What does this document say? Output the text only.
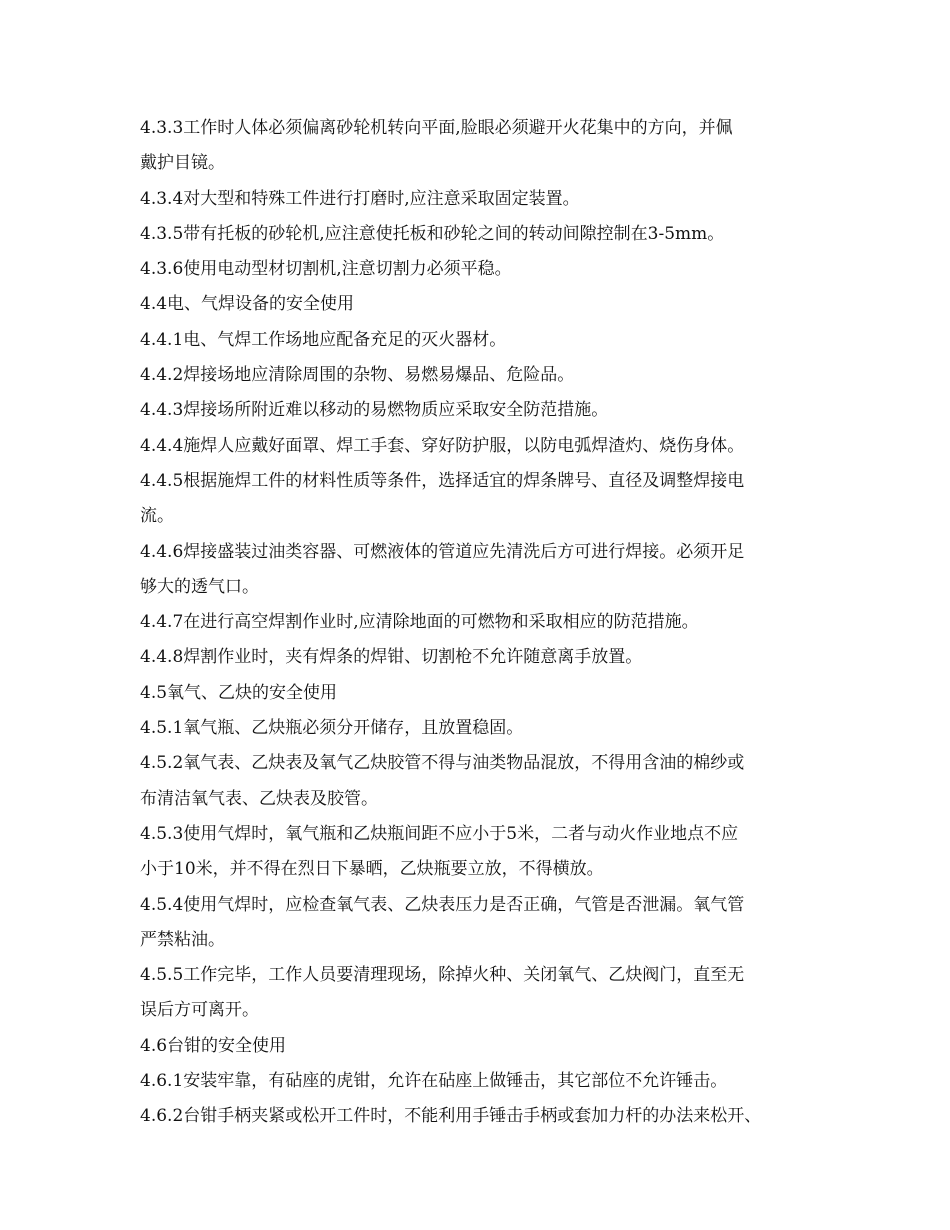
4.3.3工作时人体必须偏离砂轮机转向平面,脸眼必须避开火花集中的方向，并佩
戴护目镜。
4.3.4对大型和特殊工件进行打磨时,应注意采取固定装置。
4.3.5带有托板的砂轮机,应注意使托板和砂轮之间的转动间隙控制在3-5mm。
4.3.6使用电动型材切割机,注意切割力必须平稳。
4.4电、气焊设备的安全使用
4.4.1电、气焊工作场地应配备充足的灭火器材。
4.4.2焊接场地应清除周围的杂物、易燃易爆品、危险品。
4.4.3焊接场所附近难以移动的易燃物质应采取安全防范措施。
4.4.4施焊人应戴好面罩、焊工手套、穿好防护服，以防电弧焊渣灼、烧伤身体。
4.4.5根据施焊工件的材料性质等条件，选择适宜的焊条牌号、直径及调整焊接电
流。
4.4.6焊接盛装过油类容器、可燃液体的管道应先清洗后方可进行焊接。必须开足
够大的透气口。
4.4.7在进行高空焊割作业时,应清除地面的可燃物和采取相应的防范措施。
4.4.8焊割作业时，夹有焊条的焊钳、切割枪不允许随意离手放置。
4.5氧气、乙炔的安全使用
4.5.1氧气瓶、乙炔瓶必须分开储存，且放置稳固。
4.5.2氧气表、乙炔表及氧气乙炔胶管不得与油类物品混放，不得用含油的棉纱或
布清洁氧气表、乙炔表及胶管。
4.5.3使用气焊时，氧气瓶和乙炔瓶间距不应小于5米，二者与动火作业地点不应
小于10米，并不得在烈日下暴晒，乙炔瓶要立放，不得横放。
4.5.4使用气焊时，应检查氧气表、乙炔表压力是否正确，气管是否泄漏。氧气管
严禁粘油。
4.5.5工作完毕，工作人员要清理现场，除掉火种、关闭氧气、乙炔阀门，直至无
误后方可离开。
4.6台钳的安全使用
4.6.1安装牢靠，有砧座的虎钳，允许在砧座上做锤击，其它部位不允许锤击。
4.6.2台钳手柄夹紧或松开工件时，不能利用手锤击手柄或套加力杆的办法来松开、
